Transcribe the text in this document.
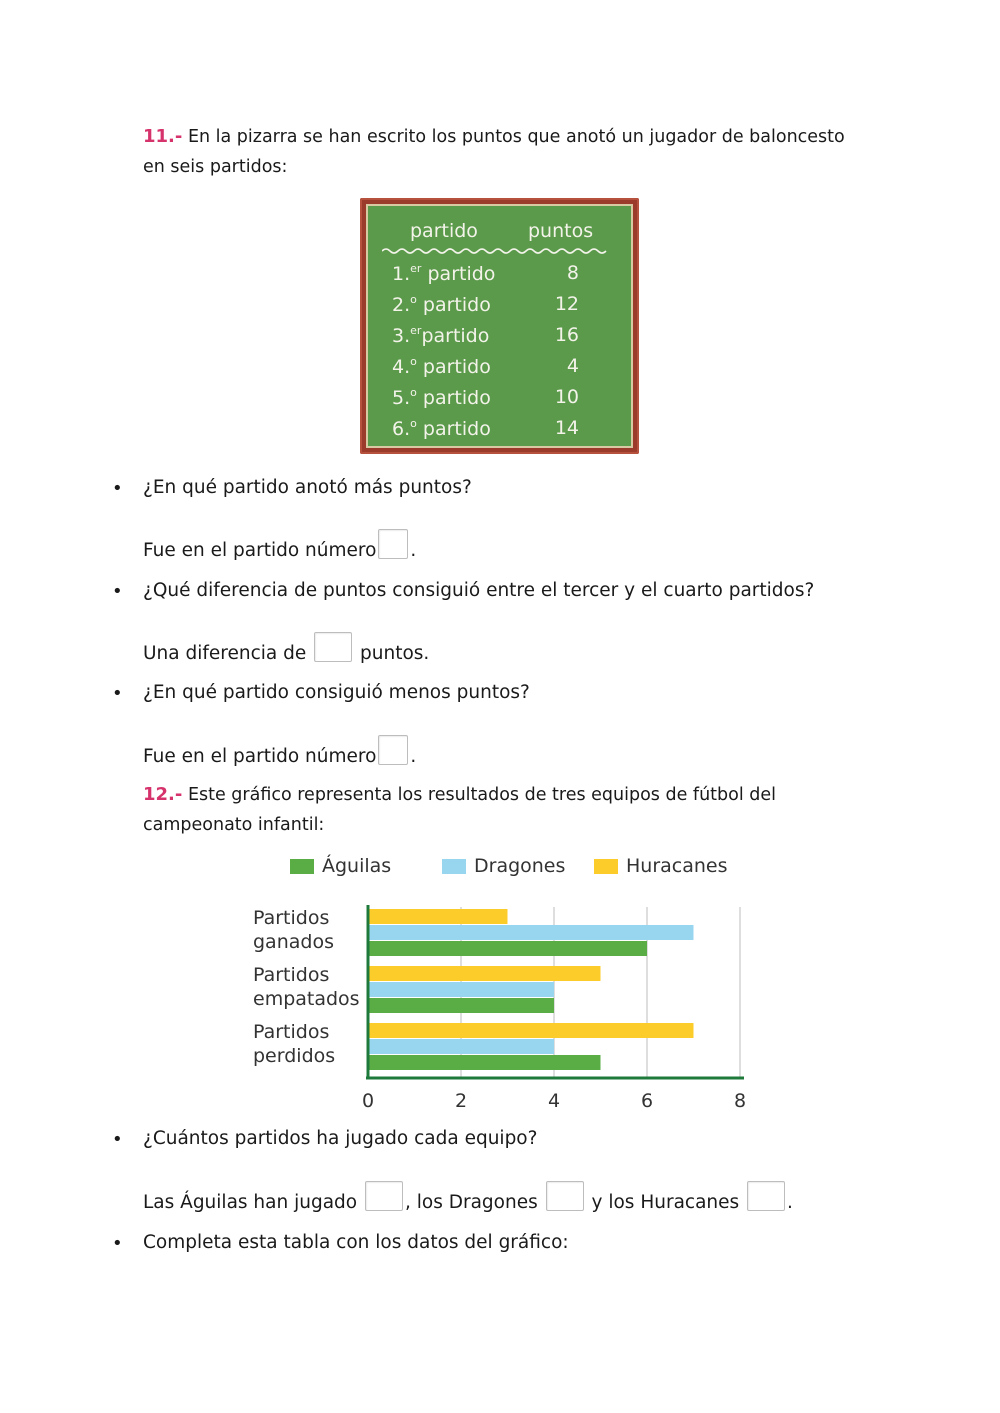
11.- En la pizarra se han escrito los puntos que anotó un jugador de baloncesto en seis partidos:
partido	puntos
1.$^{er}$ partido	8
2.$^o$ partido	12
3.$^{er}$partido	16
4.$^o$ partido	4
5.$^o$ partido	10
6.$^o$ partido	14
• ¿En qué partido anotó más puntos?
Fue en el partido número .
• ¿Qué diferencia de puntos consiguió entre el tercer y el cuarto partidos?
Una diferencia de	puntos.
• ¿En qué partido consiguió menos puntos?
Fue en el partido número .
12.- Este gráfico representa los resultados de tres equipos de fútbol del campeonato infantil:
Águilas	Dragones	Huracanes
Partidos
ganados
Partidos
empatados
Partidos
perdidos
0	2	4	6	8
• ¿Cuántos partidos ha jugado cada equipo?
Las Águilas han jugado	, los Dragones	y los Huracanes	.
• Completa esta tabla con los datos del gráfico:
